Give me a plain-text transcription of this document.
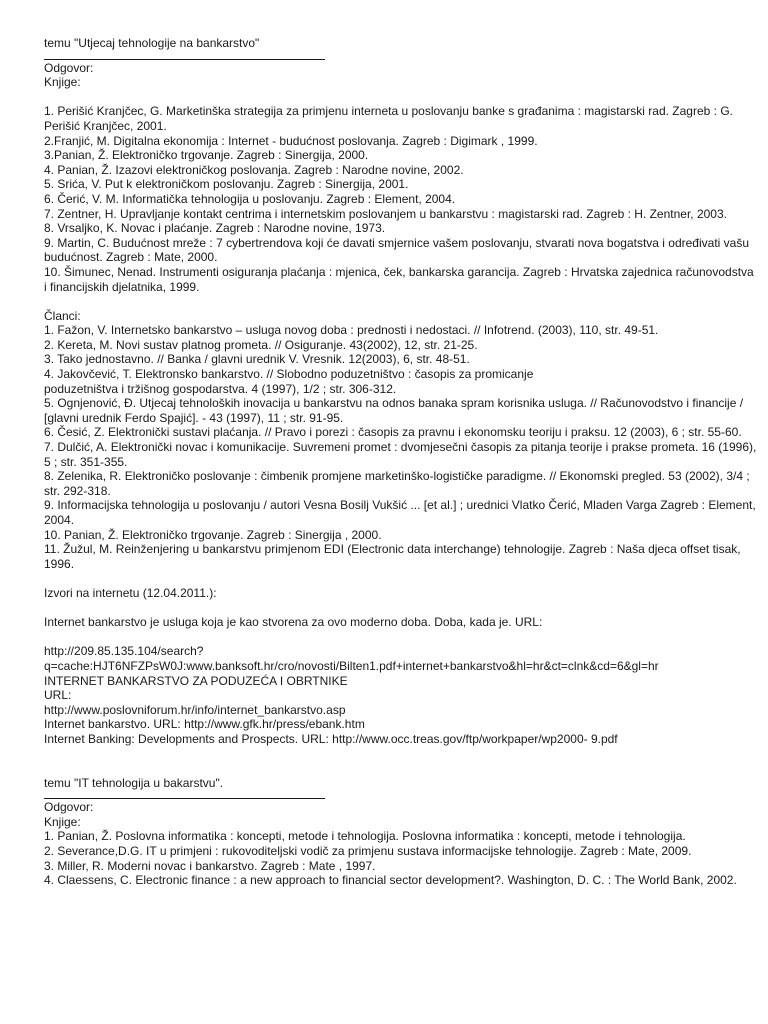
temu "Utjecaj tehnologije na bankarstvo"
Odgovor:
Knjige:
1. Perišić Kranjčec, G. Marketinška strategija za primjenu interneta u poslovanju banke s građanima : magistarski rad. Zagreb : G. Perišić Kranjčec, 2001.
2.Franjić, M. Digitalna ekonomija : Internet - budućnost poslovanja. Zagreb : Digimark , 1999.
3.Panian, Ž. Elektroničko trgovanje. Zagreb : Sinergija, 2000.
4. Panian, Ž. Izazovi elektroničkog poslovanja. Zagreb : Narodne novine, 2002.
5. Srića, V. Put k elektroničkom poslovanju. Zagreb : Sinergija, 2001.
6. Čerić, V. M. Informatička tehnologija u poslovanju. Zagreb : Element, 2004.
7. Zentner, H. Upravljanje kontakt centrima i internetskim poslovanjem u bankarstvu : magistarski rad. Zagreb : H. Zentner, 2003.
8. Vrsaljko, K. Novac i plaćanje. Zagreb : Narodne novine, 1973.
9. Martin, C. Budućnost mreže : 7 cybertrendova koji će davati smjernice vašem poslovanju, stvarati nova bogatstva i određivati vašu budućnost. Zagreb : Mate, 2000.
10. Šimunec, Nenad. Instrumenti osiguranja plaćanja : mjenica, ček, bankarska garancija. Zagreb : Hrvatska zajednica računovodstva i financijskih djelatnika, 1999.
Članci:
1. Fažon, V. Internetsko bankarstvo – usluga novog doba : prednosti i nedostaci. // Infotrend. (2003), 110, str. 49-51.
2. Kereta, M. Novi sustav platnog prometa. // Osiguranje. 43(2002), 12, str. 21-25.
3. Tako jednostavno. // Banka / glavni urednik V. Vresnik. 12(2003), 6, str. 48-51.
4. Jakovčević, T. Elektronsko bankarstvo. // Slobodno poduzetništvo : časopis za promicanje
poduzetništva i tržišnog gospodarstva. 4 (1997), 1/2 ; str. 306-312.
5. Ognjenović, Đ. Utjecaj tehnoloških inovacija u bankarstvu na odnos banaka spram korisnika usluga. // Računovodstvo i financije / [glavni urednik Ferdo Spajić]. - 43 (1997), 11 ; str. 91-95.
6. Česić, Z. Elektronički sustavi plaćanja. // Pravo i porezi : časopis za pravnu i ekonomsku teoriju i praksu. 12 (2003), 6 ; str. 55-60.
7. Dulčić, A. Elektronički novac i komunikacije. Suvremeni promet : dvomjesečni časopis za pitanja teorije i prakse prometa. 16 (1996), 5 ; str. 351-355.
8. Zelenika, R. Elektroničko poslovanje : čimbenik promjene marketinško-logističke paradigme. // Ekonomski pregled. 53 (2002), 3/4 ; str. 292-318.
9. Informacijska tehnologija u poslovanju / autori Vesna Bosilj Vukšić ... [et al.] ; urednici Vlatko Čerić, Mladen Varga Zagreb : Element, 2004.
10. Panian, Ž. Elektroničko trgovanje. Zagreb : Sinergija , 2000.
11. Žužul, M. Reinženjering u bankarstvu primjenom EDI (Electronic data interchange) tehnologije. Zagreb : Naša djeca offset tisak, 1996.
Izvori na internetu (12.04.2011.):
Internet bankarstvo je usluga koja je kao stvorena za ovo moderno doba. Doba, kada je. URL:
http://209.85.135.104/search?
q=cache:HJT6NFZPsW0J:www.banksoft.hr/cro/novosti/Bilten1.pdf+internet+bankarstvo&hl=hr&ct=clnk&cd=6&gl=hr
INTERNET BANKARSTVO ZA PODUZEĆA I OBRTNIKE
URL:
http://www.poslovniforum.hr/info/internet_bankarstvo.asp
Internet bankarstvo. URL: http://www.gfk.hr/press/ebank.htm
Internet Banking: Developments and Prospects. URL: http://www.occ.treas.gov/ftp/workpaper/wp2000- 9.pdf
temu "IT tehnologija u bakarstvu".
Odgovor:
Knjige:
1. Panian, Ž. Poslovna informatika : koncepti, metode i tehnologija. Poslovna informatika : koncepti, metode i tehnologija.
2. Severance,D.G. IT u primjeni : rukovoditeljski vodič za primjenu sustava informacijske tehnologije. Zagreb : Mate, 2009.
3. Miller, R. Moderni novac i bankarstvo. Zagreb : Mate , 1997.
4. Claessens, C. Electronic finance : a new approach to financial sector development?. Washington, D. C. : The World Bank, 2002.
